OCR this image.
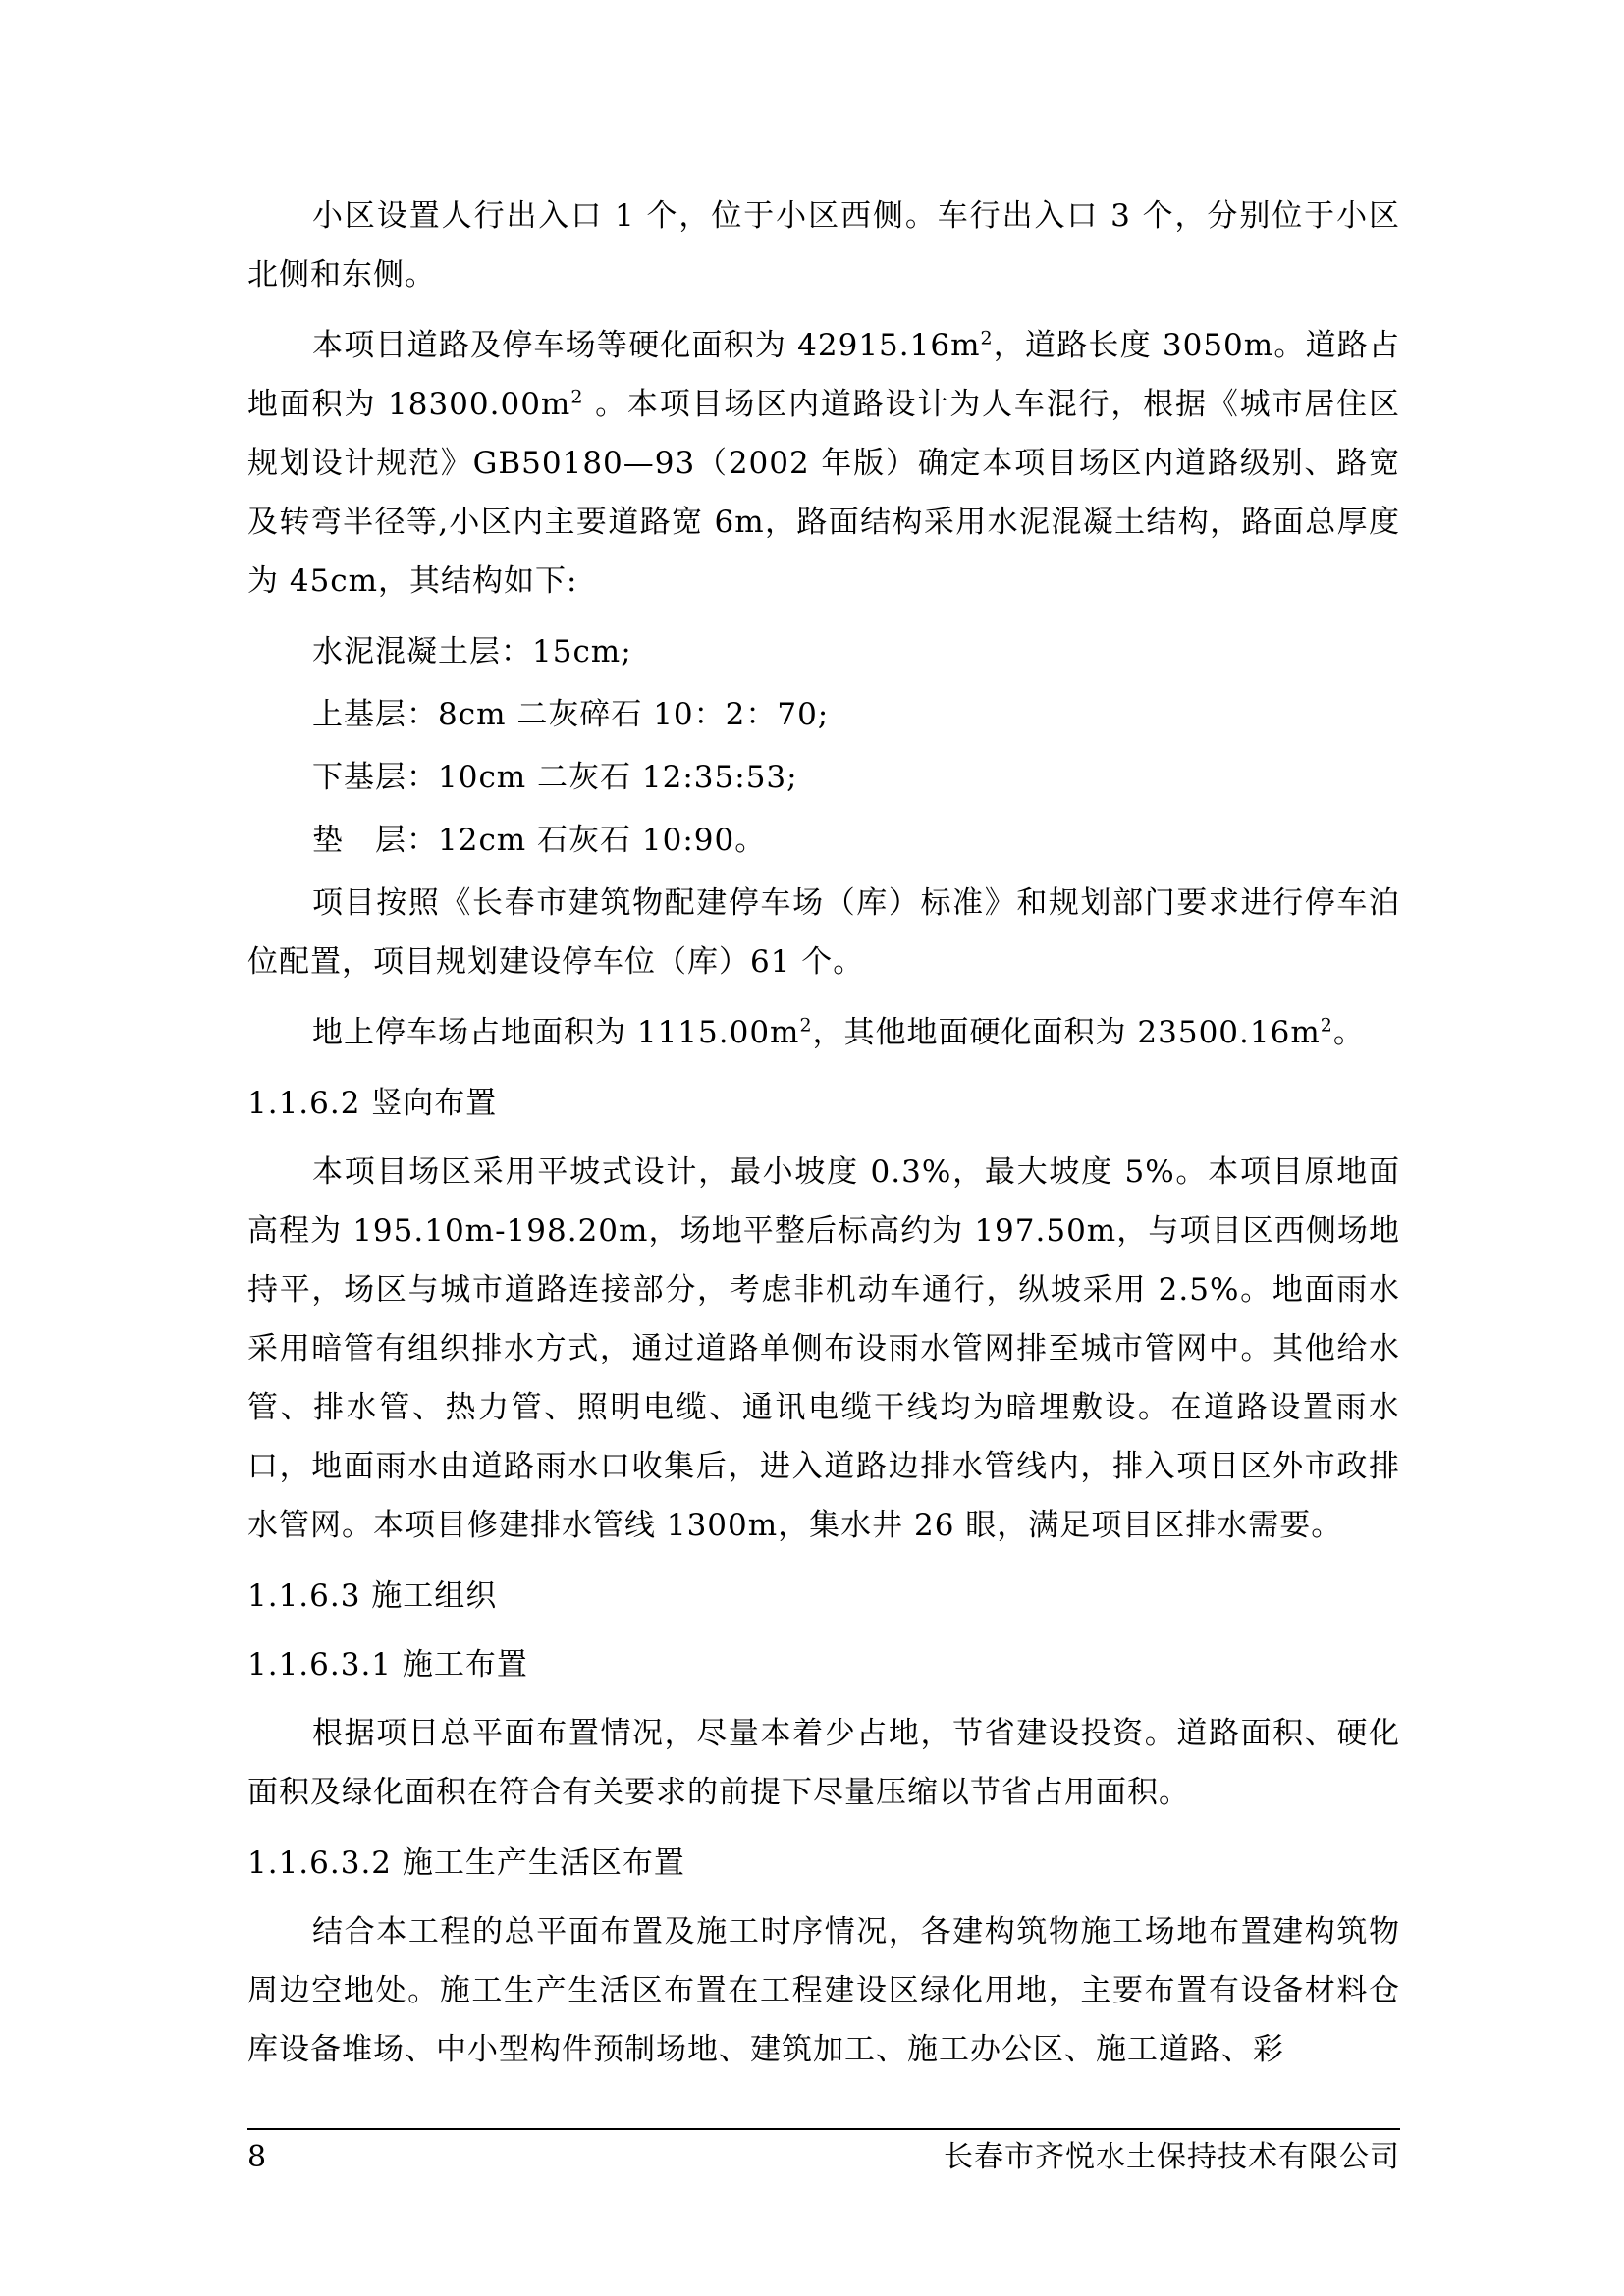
小区设置人行出入口 1 个，位于小区西侧。车行出入口 3 个，分别位于小区北侧和东侧。

本项目道路及停车场等硬化面积为 $42915.16m^2$，道路长度 3050m。道路占地面积为 $18300.00m^2$ 。本项目场区内道路设计为人车混行，根据《城市居住区规划设计规范》GB50180—93（2002 年版）确定本项目场区内道路级别、路宽及转弯半径等,小区内主要道路宽 6m，路面结构采用水泥混凝土结构，路面总厚度为 45cm，其结构如下:

水泥混凝土层：15cm;

上基层：8cm 二灰碎石 10：2：70;

下基层：10cm 二灰石 12:35:53;

垫　层：12cm 石灰石 10:90。

项目按照《长春市建筑物配建停车场（库）标准》和规划部门要求进行停车泊位配置，项目规划建设停车位（库）61 个。

地上停车场占地面积为 $1115.00m^2$，其他地面硬化面积为 $23500.16m^2$。

1.1.6.2 竖向布置

本项目场区采用平坡式设计，最小坡度 0.3%，最大坡度 5%。本项目原地面高程为 195.10m-198.20m，场地平整后标高约为 197.50m，与项目区西侧场地持平，场区与城市道路连接部分，考虑非机动车通行，纵坡采用 2.5%。地面雨水采用暗管有组织排水方式，通过道路单侧布设雨水管网排至城市管网中。其他给水管、排水管、热力管、照明电缆、通讯电缆干线均为暗埋敷设。在道路设置雨水口，地面雨水由道路雨水口收集后，进入道路边排水管线内，排入项目区外市政排水管网。本项目修建排水管线 1300m，集水井 26 眼，满足项目区排水需要。

1.1.6.3 施工组织
1.1.6.3.1 施工布置

根据项目总平面布置情况，尽量本着少占地，节省建设投资。道路面积、硬化面积及绿化面积在符合有关要求的前提下尽量压缩以节省占用面积。

1.1.6.3.2 施工生产生活区布置

结合本工程的总平面布置及施工时序情况，各建构筑物施工场地布置建构筑物周边空地处。施工生产生活区布置在工程建设区绿化用地，主要布置有设备材料仓库设备堆场、中小型构件预制场地、建筑加工、施工办公区、施工道路、彩

8	长春市齐悦水土保持技术有限公司
